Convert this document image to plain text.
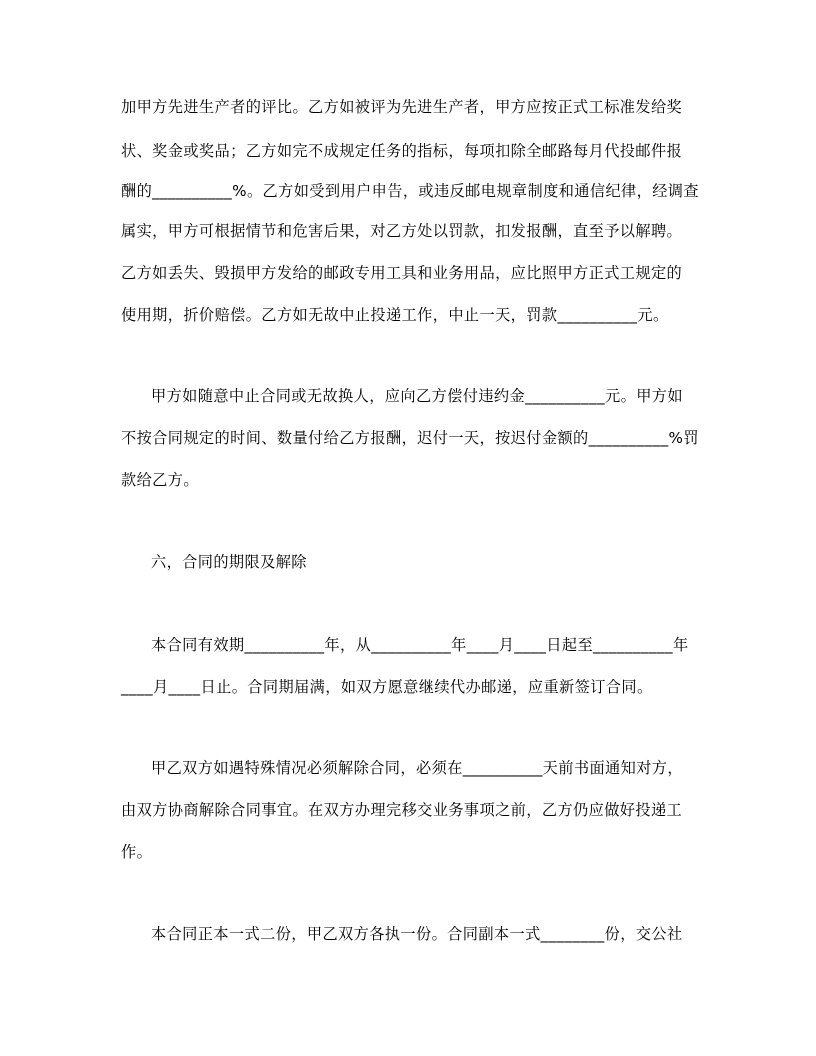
加甲方先进生产者的评比。乙方如被评为先进生产者，甲方应按正式工标准发给奖
状、奖金或奖品；乙方如完不成规定任务的指标，每项扣除全邮路每月代投邮件报
酬的__________%。乙方如受到用户申告，或违反邮电规章制度和通信纪律，经调查
属实，甲方可根据情节和危害后果，对乙方处以罚款，扣发报酬，直至予以解聘。
乙方如丢失、毁损甲方发给的邮政专用工具和业务用品，应比照甲方正式工规定的
使用期，折价赔偿。乙方如无故中止投递工作，中止一天，罚款__________元。
甲方如随意中止合同或无故换人，应向乙方偿付违约金__________元。甲方如
不按合同规定的时间、数量付给乙方报酬，迟付一天，按迟付金额的__________%罚
款给乙方。
六，合同的期限及解除
本合同有效期__________年，从__________年____月____日起至__________年
____月____日止。合同期届满，如双方愿意继续代办邮递，应重新签订合同。
甲乙双方如遇特殊情况必须解除合同，必须在__________天前书面通知对方，
由双方协商解除合同事宜。在双方办理完移交业务事项之前，乙方仍应做好投递工
作。
本合同正本一式二份，甲乙双方各执一份。合同副本一式________份，交公社
